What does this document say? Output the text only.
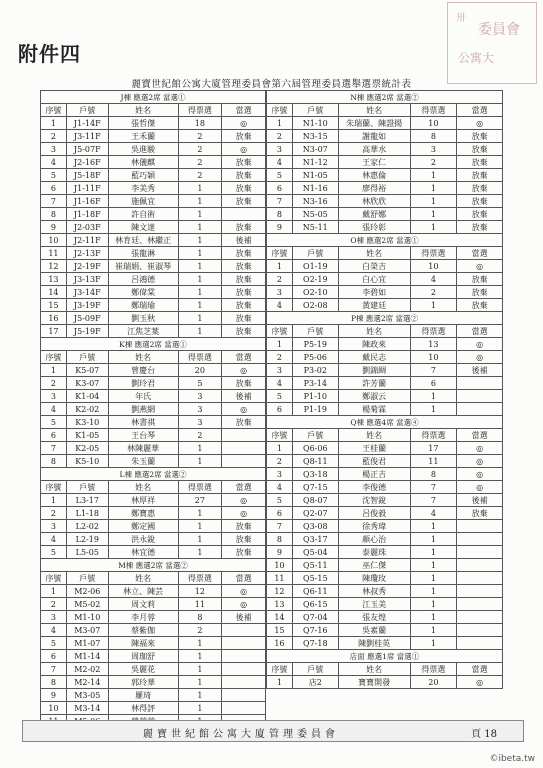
附件四
卅
委員會
公寓大
麗寶世紀館公寓大廈管理委員會第六屆管理委員選舉選票統計表
J棟 應選2席 當選①				
序號	戶號	姓名	得票選	當選
1	J1-14F	張哲傑	18	◎
2	J3-11F	王禾蘭	2	放棄
3	J5-07F	吳進駿	2	◎
4	J2-16F	林儀麒	2	放棄
5	J5-18F	藍巧穎	2	放棄
6	J1-11F	李美秀	1	放棄
7	J1-16F	施佩宜	1	放棄
8	J1-18F	許自術	1	
9	J2-03F	陳文達	1	放棄
10	J2-11F	林育廷、林繼正	1	後補
11	J2-13F	張龍淋	1	放棄
12	J2-19F	崔瑞娟、崔淑琴	1	放棄
13	J3-13F	呂鴻德	1	放棄
14	J3-14F	鄭偉棠	1	放棄
15	J3-19F	鄭瑞瑜	1	放棄
16	J5-09F	劉玉秋	1	放棄
17	J5-19F	江焦芝葉	1	放棄
K棟 應選2席 當選①				
序號	戶號	姓名	得票選	當選
1	K5-07	曾慶台	20	◎
2	K3-07	劉玲君	5	放棄
3	K1-04	年氏	3	後補
4	K2-02	劉燕網	3	◎
5	K3-10	林書祺	3	放棄
6	K1-05	王台琴	2	
7	K2-05	林陳麗華	1	
8	K5-10	朱玉蘭	1	
L棟 應選2席 當選②				
序號	戶號	姓名	得票選	當選
1	L3-17	林厚祥	27	◎
2	L1-18	鄭寶惠	1	◎
3	L2-02	鄭定國	1	放棄
4	L2-19	洪永銳	1	放棄
5	L5-05	林宜德	1	放棄
M棟 應選2席 當選②				
序號	戶號	姓名	得票選	當選
1	M2-06	林立、陳芸	12	◎
2	M5-02	周文莉	11	◎
3	M1-10	李月蓉	8	後補
4	M3-07	蔡紫伽	2	
5	M1-07	陳福來	1	
6	M1-14	周珈舒	1	
7	M2-02	吳麗花	1	
8	M2-14	郭玲華	1	
9	M3-05	羅琦	1	
10	M3-14	林得評	1	

N棟 應選2席 當選②				
序號	戶號	姓名	得票選	當選
1	N1-10	朱瑞蘭、陳證揚	10	◎
2	N3-15	謝龍如	8	放棄
3	N3-07	高華水	3	放棄
4	N1-12	王家仁	2	放棄
5	N1-05	林惠倫	1	放棄
6	N1-16	廖得裕	1	放棄
7	N3-16	林欣欣	1	放棄
8	N5-05	戴舒娜	1	放棄
9	N5-11	張玲彰	1	放棄
O棟 應選2席 當選①				
序號	戶號	姓名	得票選	當選
1	O1-19	白榮吉	10	◎
2	O2-19	白心宜	4	放棄
3	O2-10	李碧如	2	放棄
4	O2-08	黃建廷	1	放棄
P棟 應選2席 當選②				
序號	戶號	姓名	得票選	當選
1	P5-19	陳政來	13	◎
2	P5-06	戴民志	10	◎
3	P3-02	劉錦綢	7	後補
4	P3-14	許芳蘭	6	
5	P1-10	鄭淑云	1	
6	P1-19	楊菊霖	1	
Q棟 應選4席 當選④				
序號	戶號	姓名	得票選	當選
1	Q6-06	王桂蘭	17	◎
2	Q8-11	藍俊君	11	◎
3	Q3-18	楊正吉	8	◎
4	Q7-15	李俊德	7	◎
5	Q8-07	沈智銳	7	後補
6	Q2-07	呂俊毅	4	放棄
7	Q3-08	徐秀瑋	1	
8	Q3-17	顏心治	1	
9	Q5-04	泰麗珠	1	
10	Q5-11	巫仁傑	1	
11	Q5-15	陳瓊玫	1	
12	Q6-11	林叔秀	1	
13	Q6-15	江玉美	1	
14	Q7-04	張友煌	1	
15	Q7-16	吳素蘭	1	
16	Q7-18	陳劉桂英	1	
店面 應選1席 當選①				
序號	戶號	姓名	得票選	當選
1	店2	寶寶開發	20	◎
麗寶世紀館公寓大廈管理委員會	頁 18
©ibeta.tw
